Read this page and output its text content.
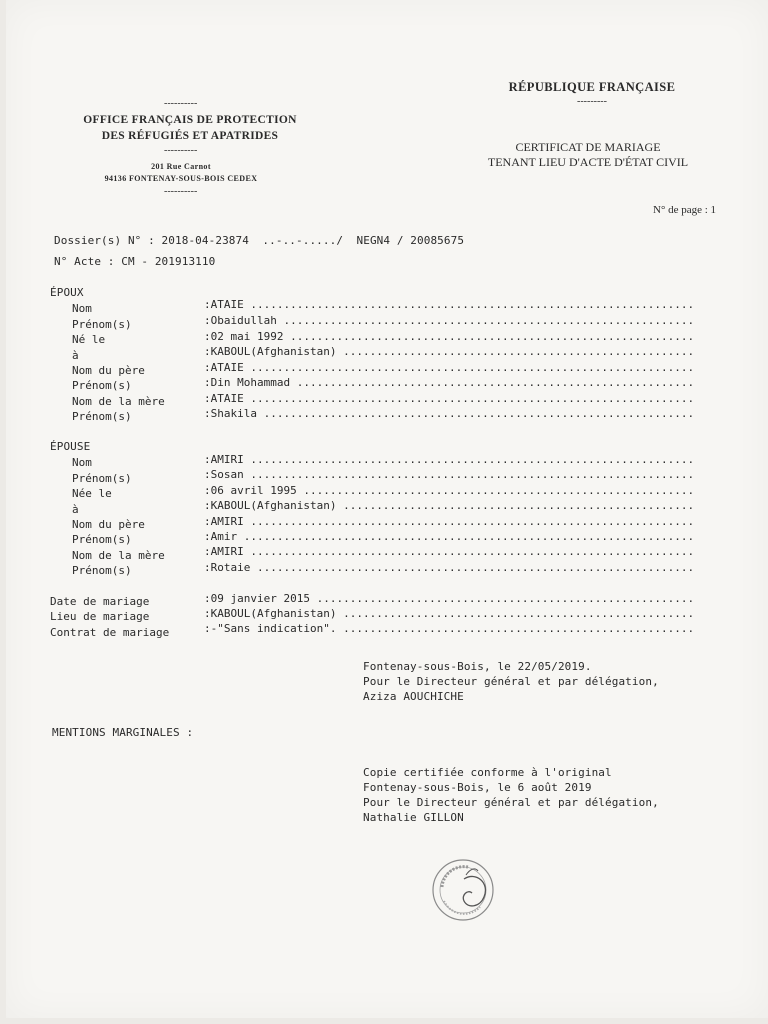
----------
OFFICE FRANÇAIS DE PROTECTION
DES RÉFUGIÉS ET APATRIDES
----------
201 Rue Carnot
94136 FONTENAY-SOUS-BOIS CEDEX
----------
RÉPUBLIQUE FRANÇAISE
---------
CERTIFICAT DE MARIAGE
TENANT LIEU D'ACTE D'ÉTAT CIVIL
N° de page : 1
Dossier(s) N° : 2018-04-23874  ..-..-...../  NEGN4 / 20085675
N° Acte : CM - 201913110
ÉPOUX
Nom	:ATAIE .....
Prénom(s)	:Obaidullah .....
Né le	:02 mai 1992 .....
à	:KABOUL(Afghanistan) .....
Nom du père	:ATAIE .....
Prénom(s)	:Din Mohammad .....
Nom de la mère	:ATAIE .....
Prénom(s)	:Shakila .....
ÉPOUSE
Nom	:AMIRI .....
Prénom(s)	:Sosan .....
Née le	:06 avril 1995 .....
à	:KABOUL(Afghanistan) .....
Nom du père	:AMIRI .....
Prénom(s)	:Amir .....
Nom de la mère	:AMIRI .....
Prénom(s)	:Rotaie .....
Date de mariage	:09 janvier 2015 .....
Lieu de mariage	:KABOUL(Afghanistan) .....
Contrat de mariage	:-"Sans indication". .....
Fontenay-sous-Bois, le 22/05/2019.
Pour le Directeur général et par délégation,
Aziza AOUCHICHE
MENTIONS MARGINALES :
Copie certifiée conforme à l'original
Fontenay-sous-Bois, le 6 août 2019
Pour le Directeur général et par délégation,
Nathalie GILLON
